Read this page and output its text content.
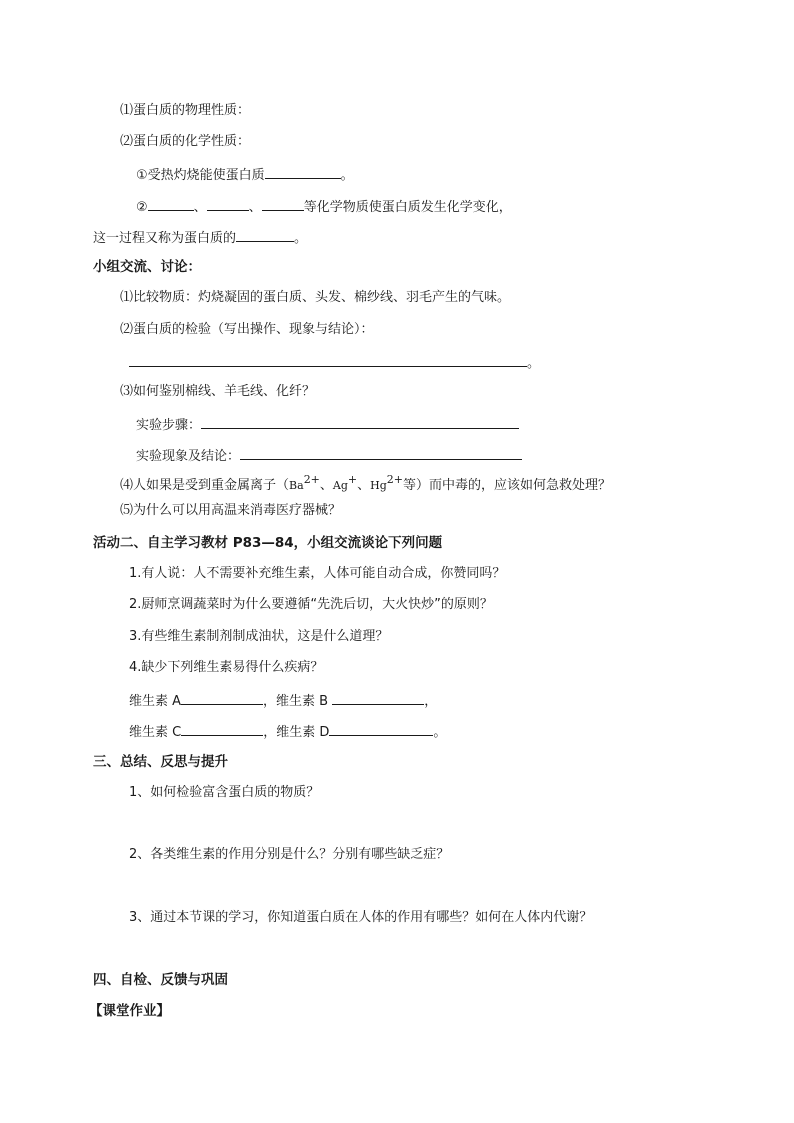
⑴蛋白质的物理性质：
⑵蛋白质的化学性质：
①受热灼烧能使蛋白质	。
②	、	、	等化学物质使蛋白质发生化学变化，
这一过程又称为蛋白质的	。
小组交流、讨论：
⑴比较物质：灼烧凝固的蛋白质、头发、棉纱线、羽毛产生的气味。
⑵蛋白质的检验（写出操作、现象与结论）：
。
⑶如何鉴别棉线、羊毛线、化纤？
实验步骤：
实验现象及结论：
⑷人如果是受到重金属离子（$Ba^{2+}$、Ag+、$Hg^{2+}$等）而中毒的，应该如何急救处理？
⑸为什么可以用高温来消毒医疗器械？
活动二、自主学习教材 P83—84，小组交流谈论下列问题
1.有人说：人不需要补充维生素，人体可能自动合成，你赞同吗？
2.厨师烹调蔬菜时为什么要遵循“先洗后切，大火快炒”的原则？
3.有些维生素制剂制成油状，这是什么道理？
4.缺少下列维生素易得什么疾病？
维生素 A	，维生素 B	，
维生素 C	，维生素 D	。
三、总结、反思与提升
1、如何检验富含蛋白质的物质？
2、各类维生素的作用分别是什么？分别有哪些缺乏症？
3、通过本节课的学习，你知道蛋白质在人体的作用有哪些？如何在人体内代谢？
四、自检、反馈与巩固
【课堂作业】
